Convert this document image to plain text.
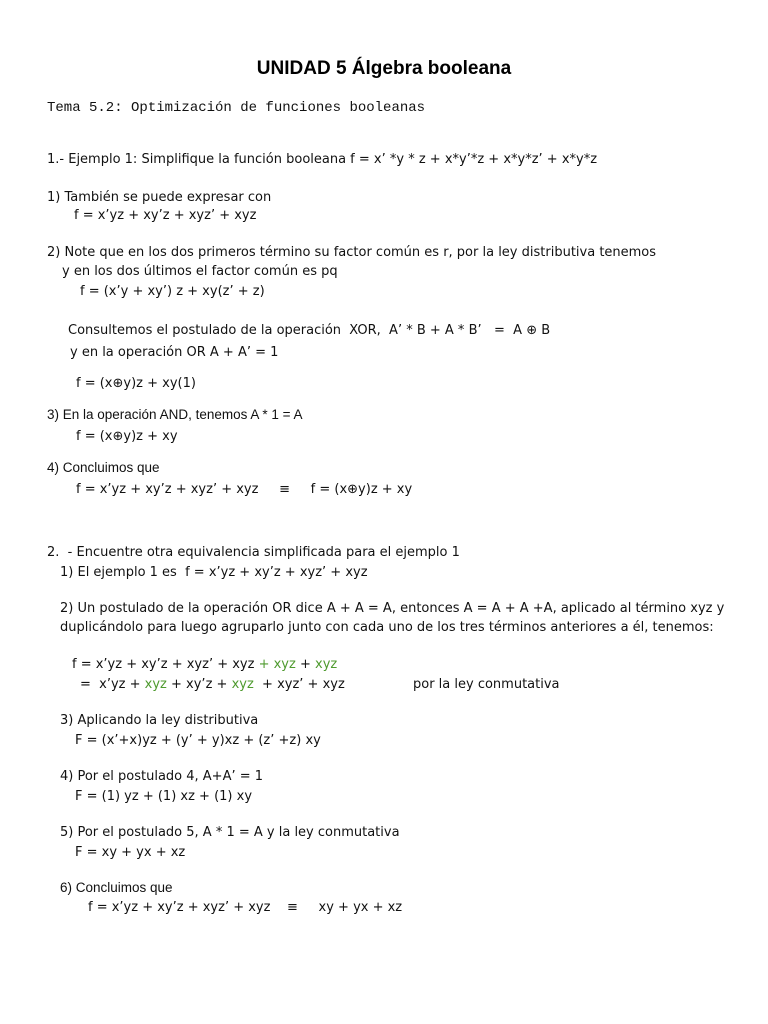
UNIDAD 5 Álgebra booleana
Tema 5.2: Optimización de funciones booleanas
1.- Ejemplo 1: Simplifique la función booleana f = x’ *y * z + x*y’*z + x*y*z’ + x*y*z
1) También se puede expresar con
f = x’yz + xy’z + xyz’ + xyz
2) Note que en los dos primeros término su factor común es r, por la ley distributiva tenemos
y en los dos últimos el factor común es pq
f = (x’y + xy’) z + xy(z’ + z)
Consultemos el postulado de la operación  XOR,  A’ * B + A * B’   =  A ⊕ B
y en la operación OR A + A’ = 1
f = (x⊕y)z + xy(1)
3) En la operación AND, tenemos A * 1 = A
f = (x⊕y)z + xy
4) Concluimos que
f = x’yz + xy’z + xyz’ + xyz     ≡     f = (x⊕y)z + xy
2.  - Encuentre otra equivalencia simplificada para el ejemplo 1
1) El ejemplo 1 es  f = x’yz + xy’z + xyz’ + xyz
2) Un postulado de la operación OR dice A + A = A, entonces A = A + A +A, aplicado al término xyz y
duplicándolo para luego agruparlo junto con cada uno de los tres términos anteriores a él, tenemos:
f = x’yz + xy’z + xyz’ + xyz + xyz + xyz
=  x’yz + xyz + xy’z + xyz  + xyz’ + xyz	por la ley conmutativa
3) Aplicando la ley distributiva
F = (x’+x)yz + (y’ + y)xz + (z’ +z) xy
4) Por el postulado 4, A+A’ = 1
F = (1) yz + (1) xz + (1) xy
5) Por el postulado 5, A * 1 = A y la ley conmutativa
F = xy + yx + xz
6) Concluimos que
f = x’yz + xy’z + xyz’ + xyz    ≡     xy + yx + xz
